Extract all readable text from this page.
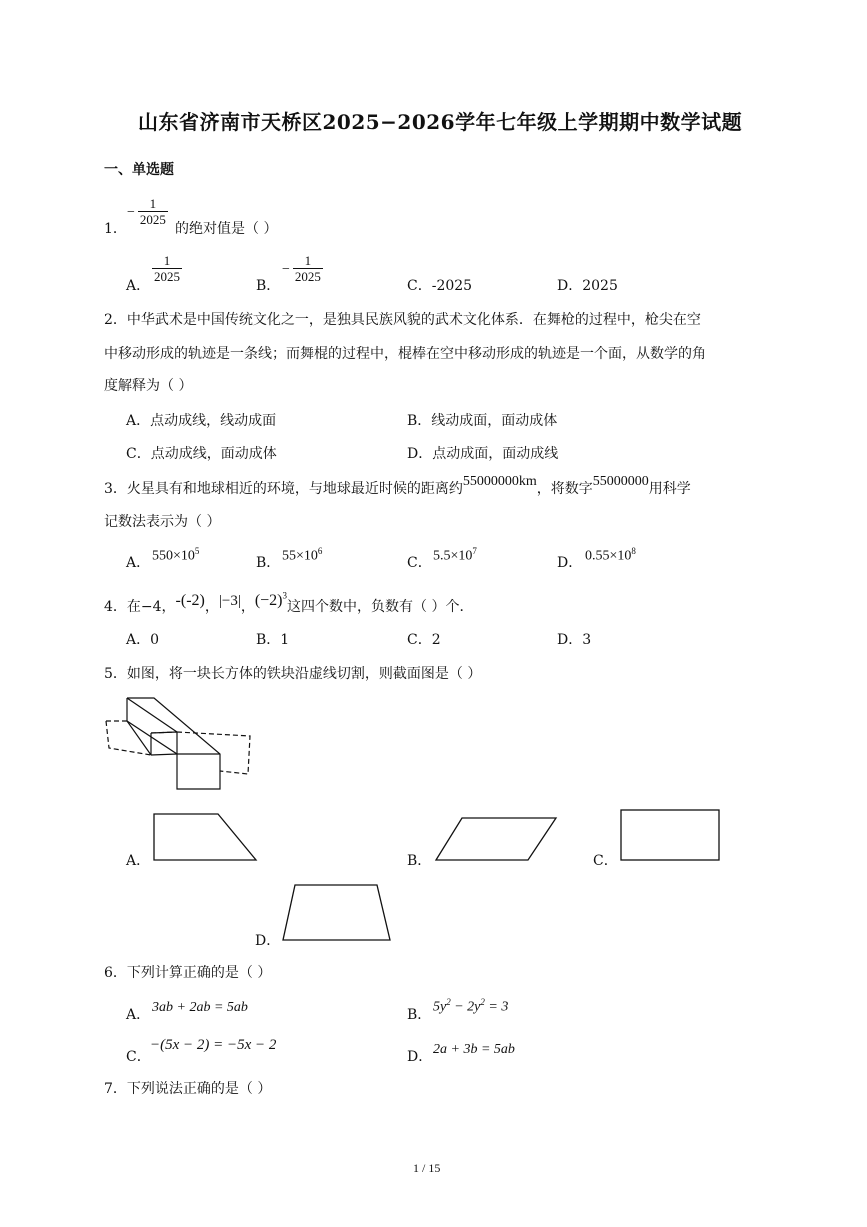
山东省济南市天桥区2025−2026学年七年级上学期期中数学试题
一、单选题
1．
− $\frac{1}{2025}$
的绝对值是（ ）
A．
$\frac{1}{2025}$
B．
− $\frac{1}{2025}$
C．-2025	D．2025
2．中华武术是中国传统文化之一，是独具民族风貌的武术文化体系．在舞枪的过程中，枪尖在空
中移动形成的轨迹是一条线；而舞棍的过程中，棍棒在空中移动形成的轨迹是一个面，从数学的角
度解释为（ ）
A．点动成线，线动成面	B．线动成面，面动成体
C．点动成线，面动成体	D．点动成面，面动成线
3．火星具有和地球相近的环境，与地球最近时候的距离约55000000km，将数字55000000用科学
记数法表示为（ ）
A． $550\times 10^5$
B． $55\times 10^6$
C． $5.5\times 10^7$
D． $0.55\times 10^8$
4．在−4，-(-2)，|−3|，$(-2)^3$这四个数中，负数有（ ）个．
A．0	B．1	C．2	D．3
5．如图，将一块长方体的铁块沿虚线切割，则截面图是（ ）
A．	B．	C．
D．
6．下列计算正确的是（ ）
A． 3ab + 2ab = 5ab	B． $5y^2 - 2y^2 = 3$
C．
−(5x − 2) = −5x − 2
D． 2a + 3b = 5ab
7．下列说法正确的是（ ）
1 / 15
